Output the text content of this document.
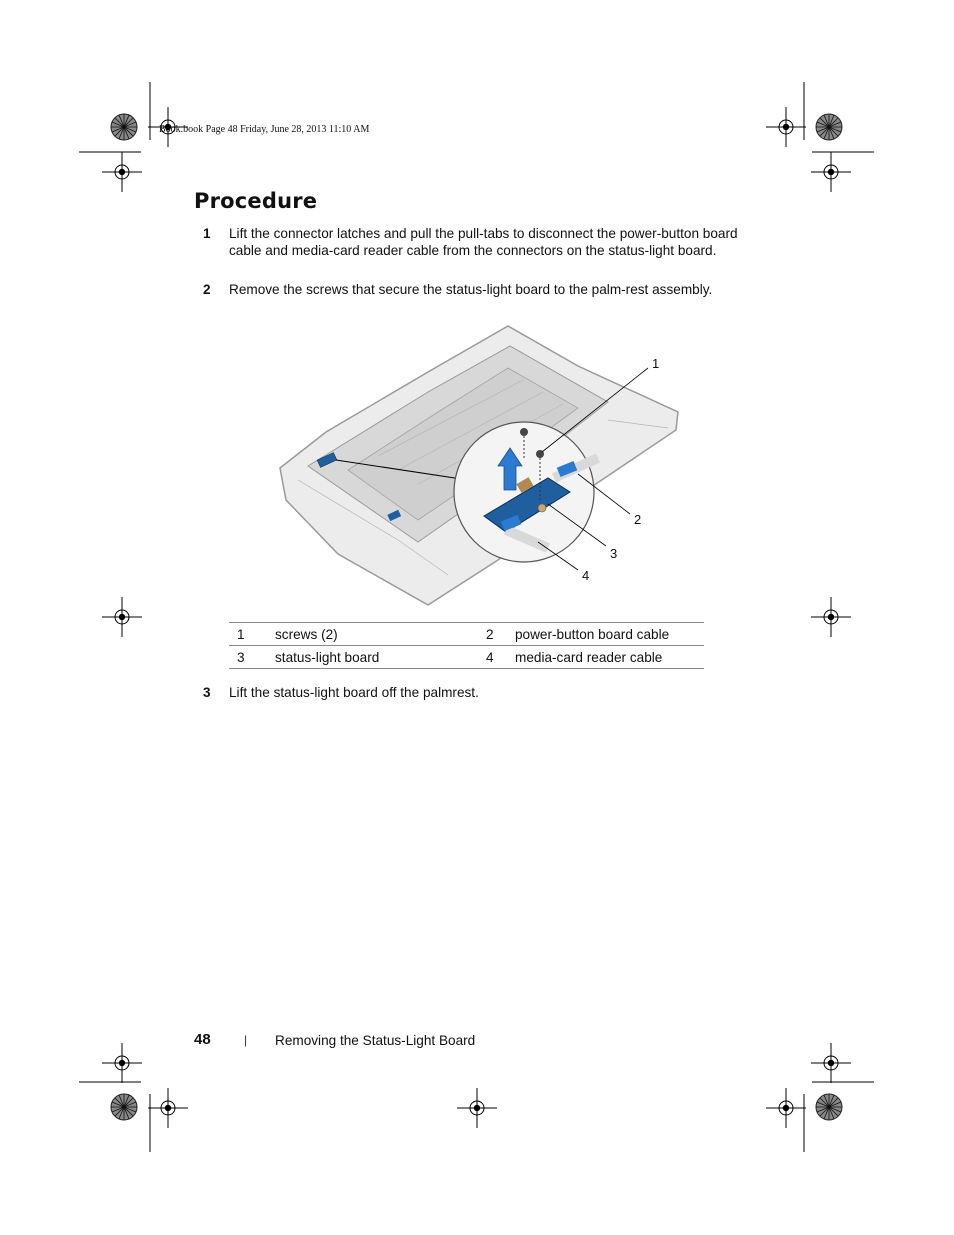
Book.book Page 48 Friday, June 28, 2013 11:10 AM
Procedure
1 Lift the connector latches and pull the pull-tabs to disconnect the power-button board cable and media-card reader cable from the connectors on the status-light board.
2 Remove the screws that secure the status-light board to the palm-rest assembly.
1
2
3
4
1	screws (2)	2	power-button board cable
3	status-light board	4	media-card reader cable
3 Lift the status-light board off the palmrest.
48	| Removing the Status-Light Board
